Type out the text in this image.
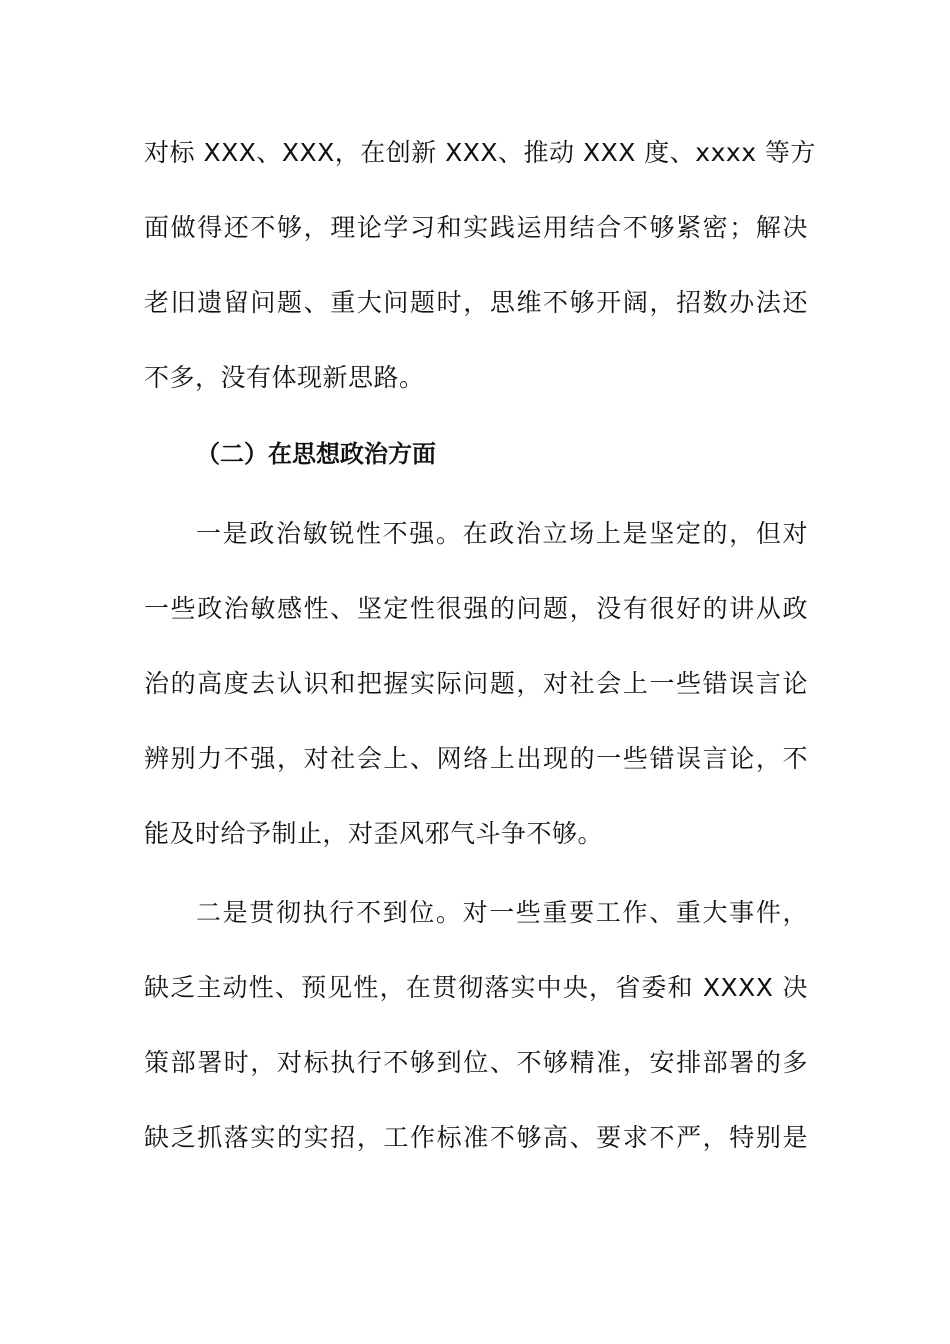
对标 XXX、XXX，在创新 XXX、推动 XXX 度、xxxx 等方
面做得还不够，理论学习和实践运用结合不够紧密；解决
老旧遗留问题、重大问题时，思维不够开阔，招数办法还
不多，没有体现新思路。
（二）在思想政治方面
一是政治敏锐性不强。在政治立场上是坚定的，但对
一些政治敏感性、坚定性很强的问题，没有很好的讲从政
治的高度去认识和把握实际问题，对社会上一些错误言论
辨别力不强，对社会上、网络上出现的一些错误言论，不
能及时给予制止，对歪风邪气斗争不够。
二是贯彻执行不到位。对一些重要工作、重大事件，
缺乏主动性、预见性，在贯彻落实中央，省委和 XXXX 决
策部署时，对标执行不够到位、不够精准，安排部署的多
缺乏抓落实的实招，工作标准不够高、要求不严，特别是
